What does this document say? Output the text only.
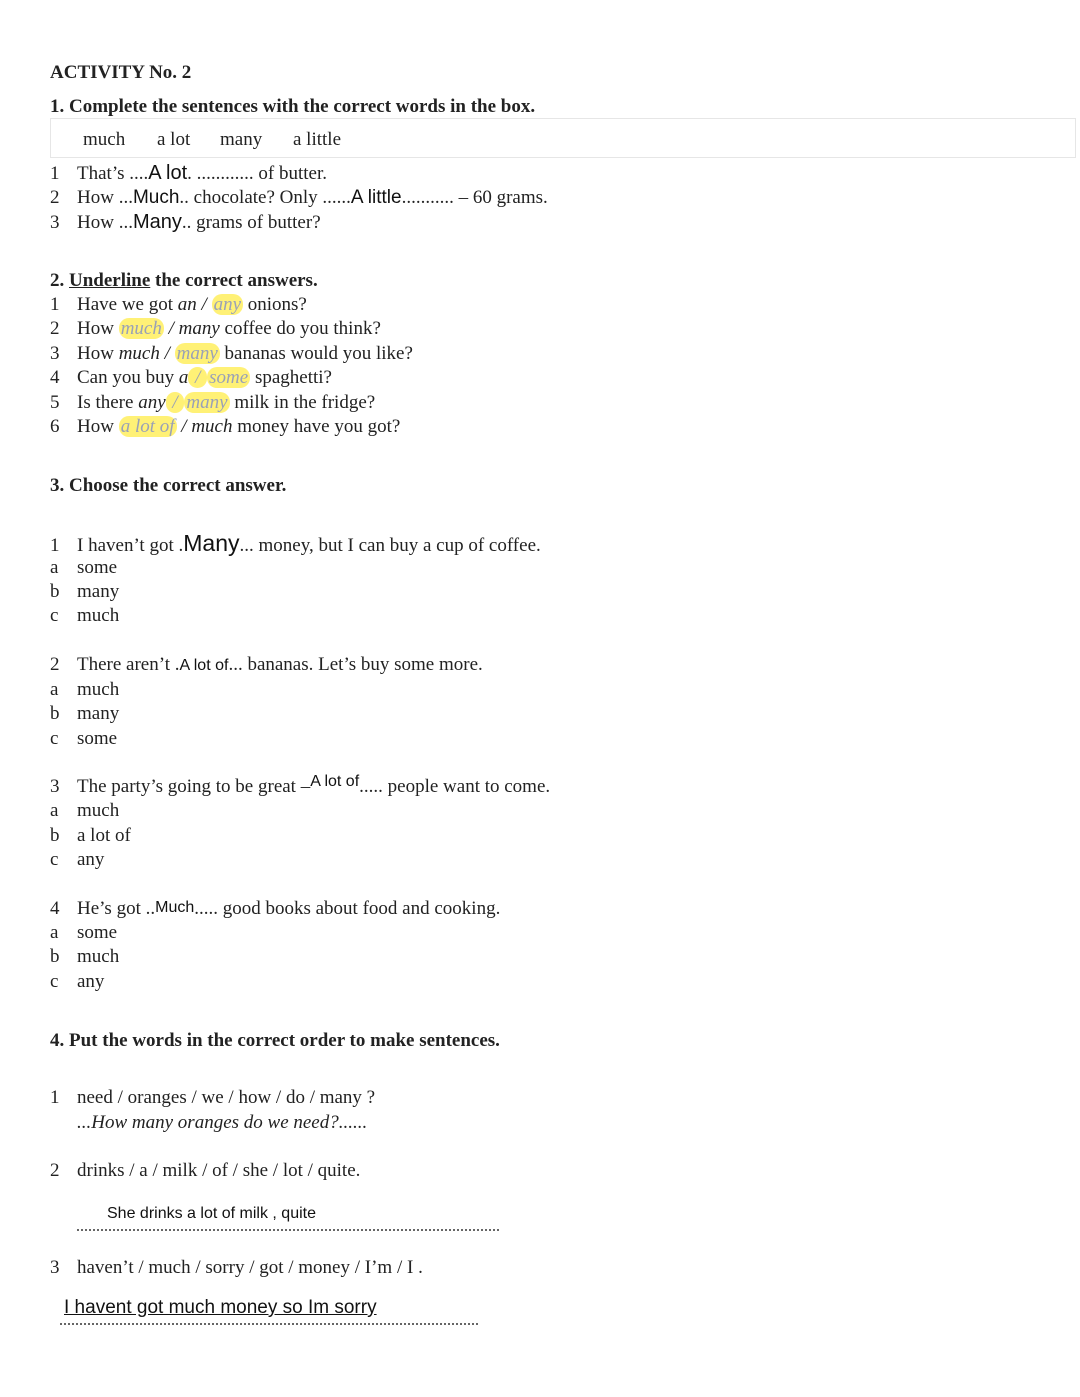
ACTIVITY No. 2
1. Complete the sentences with the correct words in the box.
much a lot many a little
1 That’s ....A lot. ............ of butter.
2 How ...Much.. chocolate? Only ......A little........... – 60 grams.
3 How ...Many.. grams of butter?
2. Underline the correct answers.
1 Have we got an / any onions?
2 How much / many coffee do you think?
3 How much / many bananas would you like?
4 Can you buy a / some spaghetti?
5 Is there any / many milk in the fridge?
6 How a lot of / much money have you got?
3. Choose the correct answer.
1 I haven’t got .Many... money, but I can buy a cup of coffee.
a some
b many
c much
2 There aren’t .A lot of... bananas. Let’s buy some more.
a much
b many
c some
3 The party’s going to be great –$^{A lot of}$..... people want to come.
a much
b a lot of
c any
4 He’s got ..Much..... good books about food and cooking.
a some
b much
c any
4. Put the words in the correct order to make sentences.
1 need / oranges / we / how / do / many ?
...How many oranges do we need?......
2 drinks / a / milk / of / she / lot / quite.
She drinks a lot of milk , quite
3 haven’t / much / sorry / got / money / I’m / I .
I havent got much money so Im sorry
